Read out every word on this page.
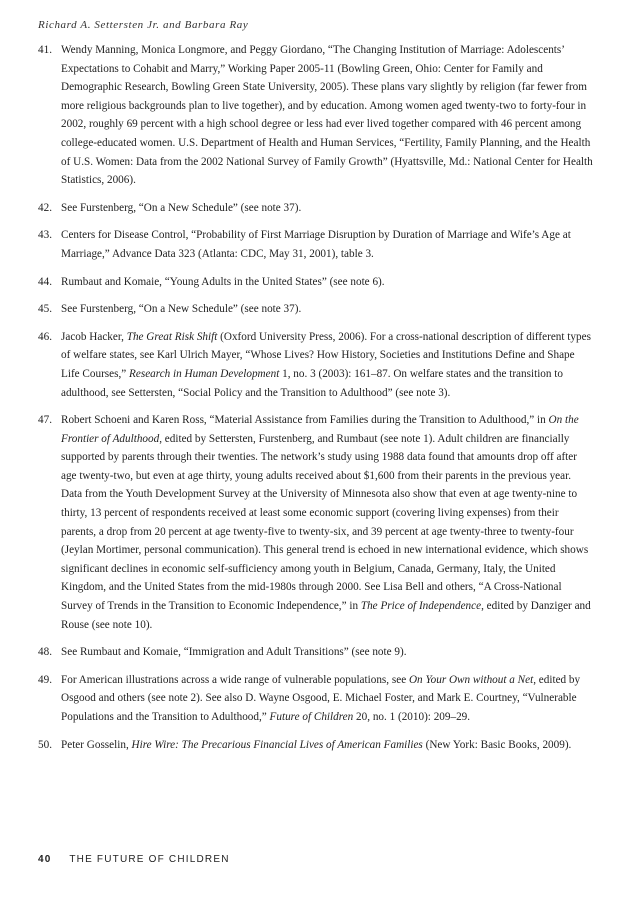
Richard A. Settersten Jr. and Barbara Ray
41. Wendy Manning, Monica Longmore, and Peggy Giordano, “The Changing Institution of Marriage: Adolescents’ Expectations to Cohabit and Marry,” Working Paper 2005-11 (Bowling Green, Ohio: Center for Family and Demographic Research, Bowling Green State University, 2005). These plans vary slightly by religion (far fewer from more religious backgrounds plan to live together), and by education. Among women aged twenty-two to forty-four in 2002, roughly 69 percent with a high school degree or less had ever lived together compared with 46 percent among college-educated women. U.S. Department of Health and Human Services, “Fertility, Family Planning, and the Health of U.S. Women: Data from the 2002 National Survey of Family Growth” (Hyattsville, Md.: National Center for Health Statistics, 2006).
42. See Furstenberg, “On a New Schedule” (see note 37).
43. Centers for Disease Control, “Probability of First Marriage Disruption by Duration of Marriage and Wife’s Age at Marriage,” Advance Data 323 (Atlanta: CDC, May 31, 2001), table 3.
44. Rumbaut and Komaie, “Young Adults in the United States” (see note 6).
45. See Furstenberg, “On a New Schedule” (see note 37).
46. Jacob Hacker, The Great Risk Shift (Oxford University Press, 2006). For a cross-national description of different types of welfare states, see Karl Ulrich Mayer, “Whose Lives? How History, Societies and Institutions Define and Shape Life Courses,” Research in Human Development 1, no. 3 (2003): 161–87. On welfare states and the transition to adulthood, see Settersten, “Social Policy and the Transition to Adulthood” (see note 3).
47. Robert Schoeni and Karen Ross, “Material Assistance from Families during the Transition to Adulthood,” in On the Frontier of Adulthood, edited by Settersten, Furstenberg, and Rumbaut (see note 1). Adult children are financially supported by parents through their twenties. The network’s study using 1988 data found that amounts drop off after age twenty-two, but even at age thirty, young adults received about $1,600 from their parents in the previous year. Data from the Youth Development Survey at the University of Minnesota also show that even at age twenty-nine to thirty, 13 percent of respondents received at least some economic support (covering living expenses) from their parents, a drop from 20 percent at age twenty-five to twenty-six, and 39 percent at age twenty-three to twenty-four (Jeylan Mortimer, personal communication). This general trend is echoed in new international evidence, which shows significant declines in economic self-sufficiency among youth in Belgium, Canada, Germany, Italy, the United Kingdom, and the United States from the mid-1980s through 2000. See Lisa Bell and others, “A Cross-National Survey of Trends in the Transition to Economic Independence,” in The Price of Independence, edited by Danziger and Rouse (see note 10).
48. See Rumbaut and Komaie, “Immigration and Adult Transitions” (see note 9).
49. For American illustrations across a wide range of vulnerable populations, see On Your Own without a Net, edited by Osgood and others (see note 2). See also D. Wayne Osgood, E. Michael Foster, and Mark E. Courtney, “Vulnerable Populations and the Transition to Adulthood,” Future of Children 20, no. 1 (2010): 209–29.
50. Peter Gosselin, Hire Wire: The Precarious Financial Lives of American Families (New York: Basic Books, 2009).
40 THE FUTURE OF CHILDREN
